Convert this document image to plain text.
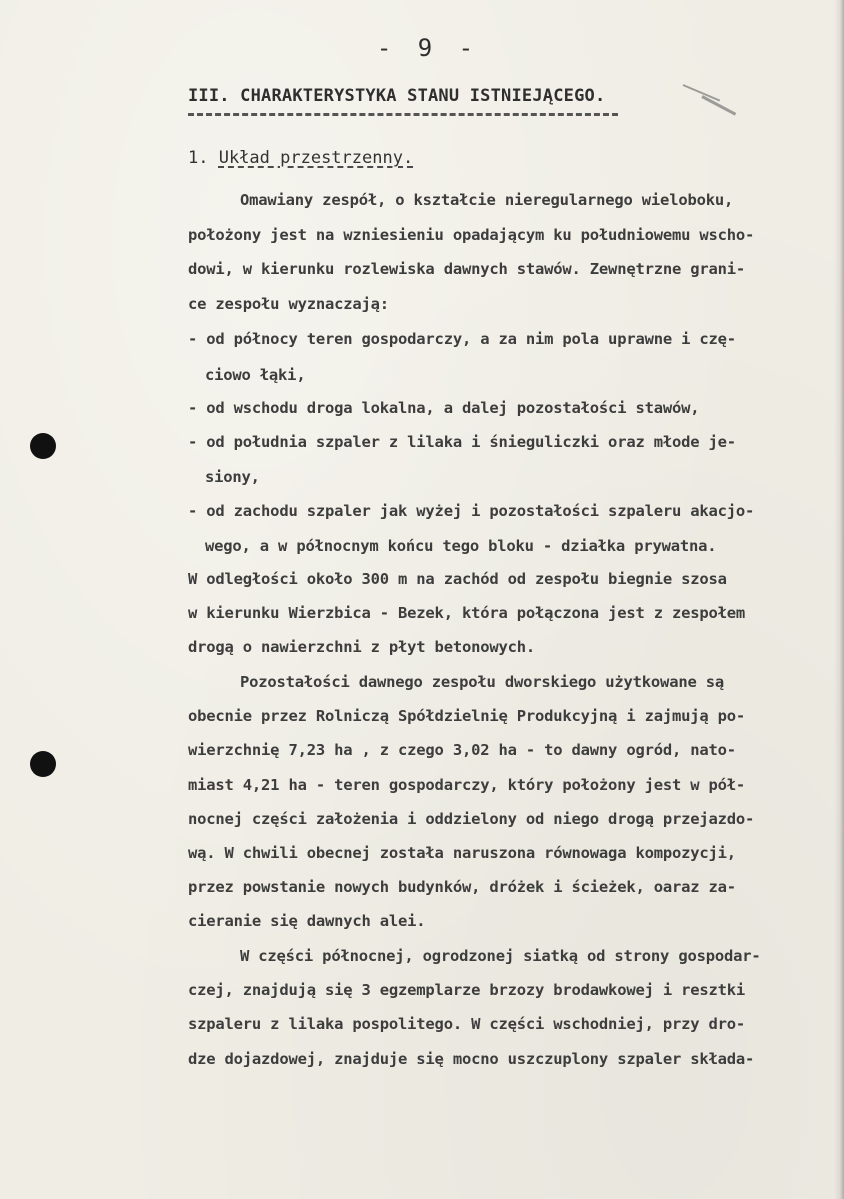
- 9 -
III. CHARAKTERYSTYKA STANU ISTNIEJĄCEGO.
1. Układ przestrzenny.
Omawiany zespół, o kształcie nieregularnego wieloboku,
położony jest na wzniesieniu opadającym ku południowemu wscho-
dowi, w kierunku rozlewiska dawnych stawów. Zewnętrzne grani-
ce zespołu wyznaczają:
- od północy teren gospodarczy, a za nim pola uprawne i czę-
ciowo łąki,
- od wschodu droga lokalna, a dalej pozostałości stawów,
- od południa szpaler z lilaka i śnieguliczki oraz młode je-
siony,
- od zachodu szpaler jak wyżej i pozostałości szpaleru akacjo-
wego, a w północnym końcu tego bloku - działka prywatna.
W odległości około 300 m na zachód od zespołu biegnie szosa
w kierunku Wierzbica - Bezek, która połączona jest z zespołem
drogą o nawierzchni z płyt betonowych.
Pozostałości dawnego zespołu dworskiego użytkowane są
obecnie przez Rolniczą Spółdzielnię Produkcyjną i zajmują po-
wierzchnię 7,23 ha , z czego 3,02 ha - to dawny ogród, nato-
miast 4,21 ha - teren gospodarczy, który położony jest w pół-
nocnej części założenia i oddzielony od niego drogą przejazdo-
wą. W chwili obecnej została naruszona równowaga kompozycji,
przez powstanie nowych budynków, dróżek i ścieżek, oaraz za-
cieranie się dawnych alei.
W części północnej, ogrodzonej siatką od strony gospodar-
czej, znajdują się 3 egzemplarze brzozy brodawkowej i resztki
szpaleru z lilaka pospolitego. W części wschodniej, przy dro-
dze dojazdowej, znajduje się mocno uszczuplony szpaler składa-
